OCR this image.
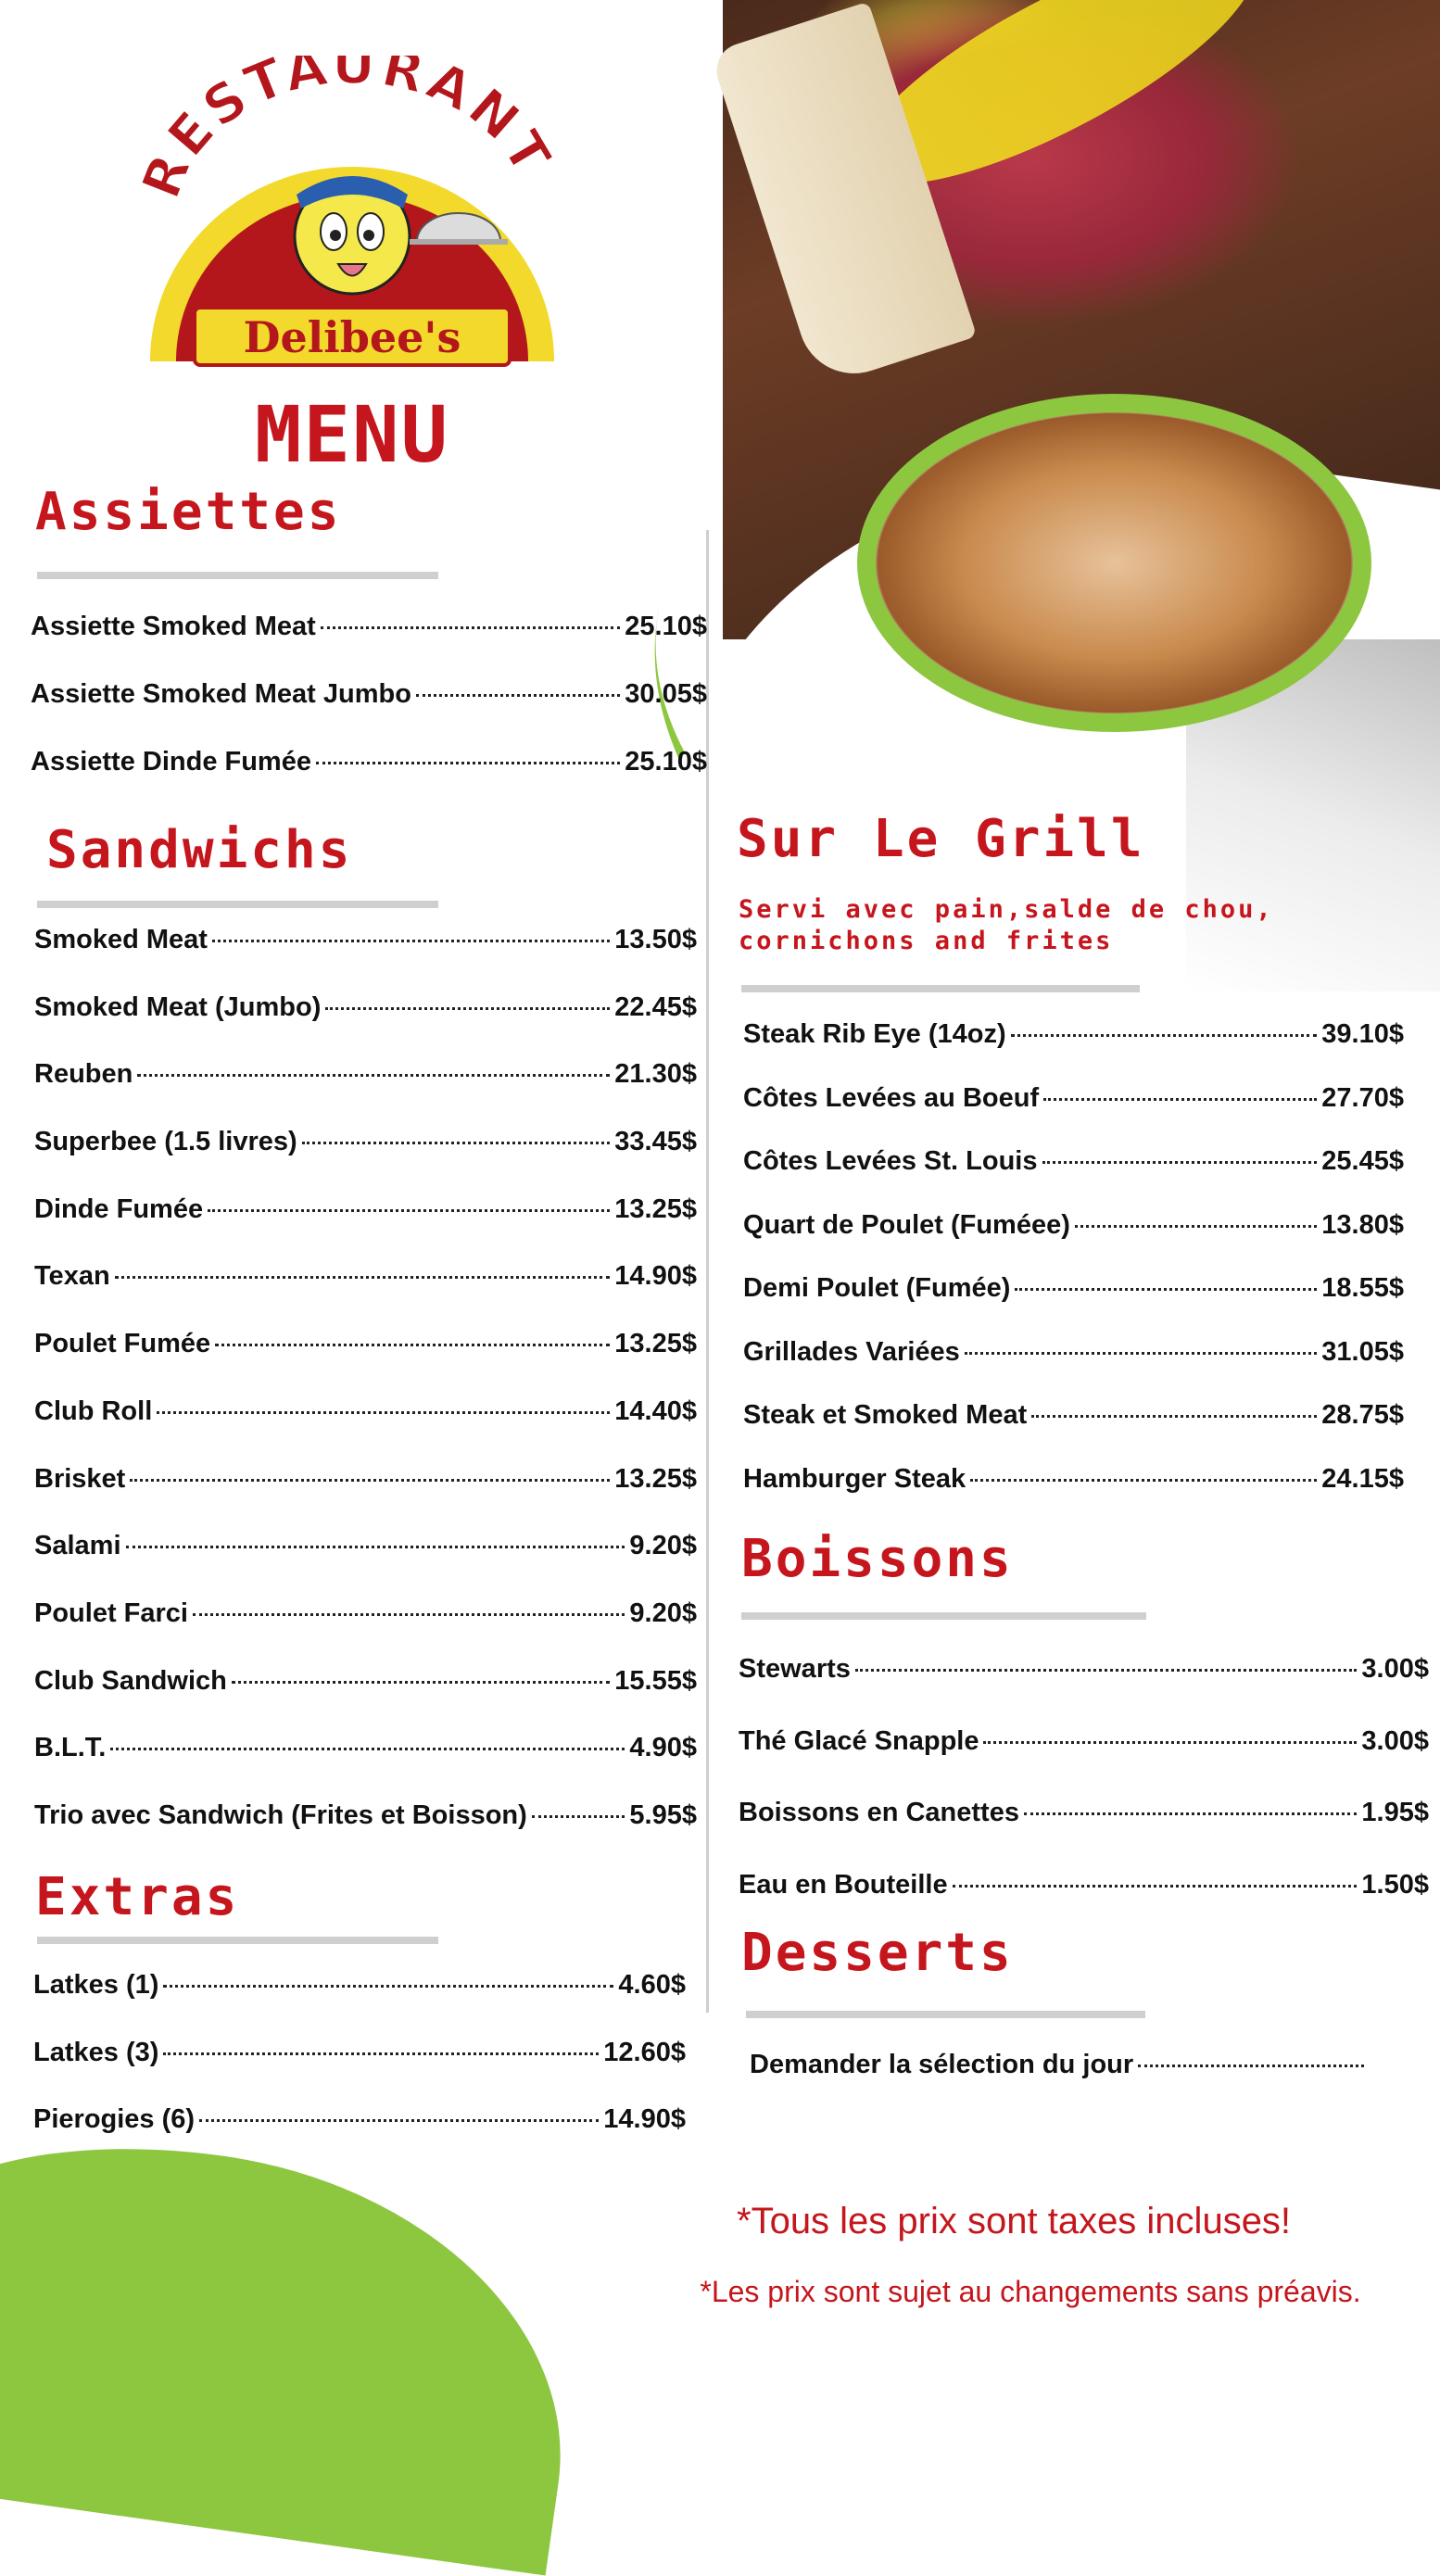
ESTAURANT
Delibee's
MENU
Assiettes
Assiette Smoked Meat	25.10$
Assiette Smoked Meat Jumbo	30.05$
Assiette Dinde Fumée	25.10$
Sandwichs
Smoked Meat	13.50$
Smoked Meat (Jumbo)	22.45$
Reuben	21.30$
Superbee (1.5 livres)	33.45$
Dinde Fumée	13.25$
Texan	14.90$
Poulet Fumée	13.25$
Club Roll	14.40$
Brisket	13.25$
Salami	9.20$
Poulet Farci	9.20$
Club Sandwich	15.55$
B.L.T.	4.90$
Trio avec Sandwich (Frites et Boisson)	5.95$
Extras
Latkes (1)	4.60$
Latkes (3)	12.60$
Pierogies (6)	14.90$
Sur Le Grill
Servi avec pain,salde de chou,
cornichons and frites
Steak Rib Eye (14oz)	39.10$
Côtes Levées au Boeuf	27.70$
Côtes Levées St. Louis	25.45$
Quart de Poulet (Fuméee)	13.80$
Demi Poulet (Fumée)	18.55$
Grillades Variées	31.05$
Steak et Smoked Meat	28.75$
Hamburger Steak	24.15$
Boissons
Stewarts	3.00$
Thé Glacé Snapple	3.00$
Boissons en Canettes	1.95$
Eau en Bouteille	1.50$
Desserts
Demander la sélection du jour
*Tous les prix sont taxes incluses!
*Les prix sont sujet au changements sans préavis.
